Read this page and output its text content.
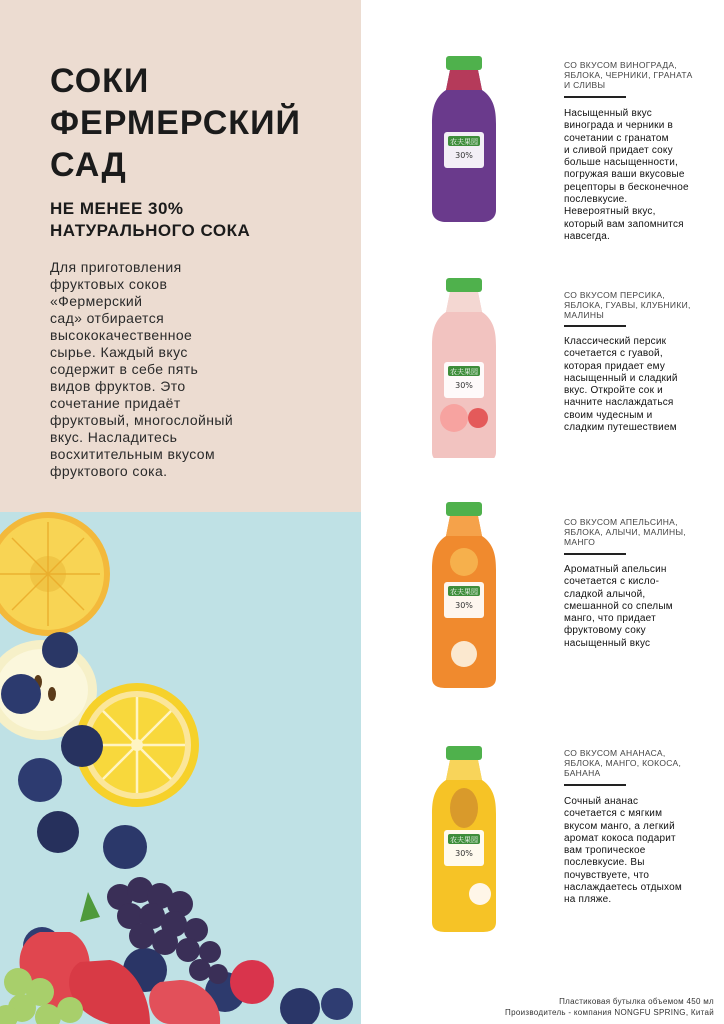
СОКИ
ФЕРМЕРСКИЙ
САД
НЕ МЕНЕЕ 30%
НАТУРАЛЬНОГО СОКА
Для приготовления
фруктовых соков
«Фермерский
сад» отбирается
высококачественное
сырье. Каждый вкус
содержит в себе пять
видов фруктов. Это
сочетание придаёт
фруктовый, многослойный
вкус. Насладитесь
восхитительным вкусом
фруктового сока.
农夫果园
30%
СО ВКУСОМ ВИНОГРАДА,
ЯБЛОКА, ЧЕРНИКИ, ГРАНАТА
И СЛИВЫ
Насыщенный вкус
винограда и черники в
сочетании с гранатом
и сливой придает соку
больше насыщенности,
погружая ваши вкусовые
рецепторы в бесконечное
послевкусие.
Невероятный вкус,
который вам запомнится
навсегда.
农夫果园
30%
СО ВКУСОМ ПЕРСИКА,
ЯБЛОКА, ГУАВЫ, КЛУБНИКИ,
МАЛИНЫ
Классический персик
сочетается с гуавой,
которая придает ему
насыщенный и сладкий
вкус. Откройте сок и
начните наслаждаться
своим чудесным и
сладким путешествием
农夫果园
30%
СО ВКУСОМ АПЕЛЬСИНА,
ЯБЛОКА, АЛЫЧИ, МАЛИНЫ,
МАНГО
Ароматный апельсин
сочетается с кисло-
сладкой алычой,
смешанной со спелым
манго, что придает
фруктовому соку
насыщенный вкус
农夫果园
30%
СО ВКУСОМ АНАНАСА,
ЯБЛОКА, МАНГО, КОКОСА,
БАНАНА
Сочный ананас
сочетается с мягким
вкусом манго, а легкий
аромат кокоса подарит
вам тропическое
послевкусие. Вы
почувствуете, что
наслаждаетесь отдыхом
на пляже.
Пластиковая бутылка объемом 450 мл
Производитель - компания NONGFU SPRING, Китай
